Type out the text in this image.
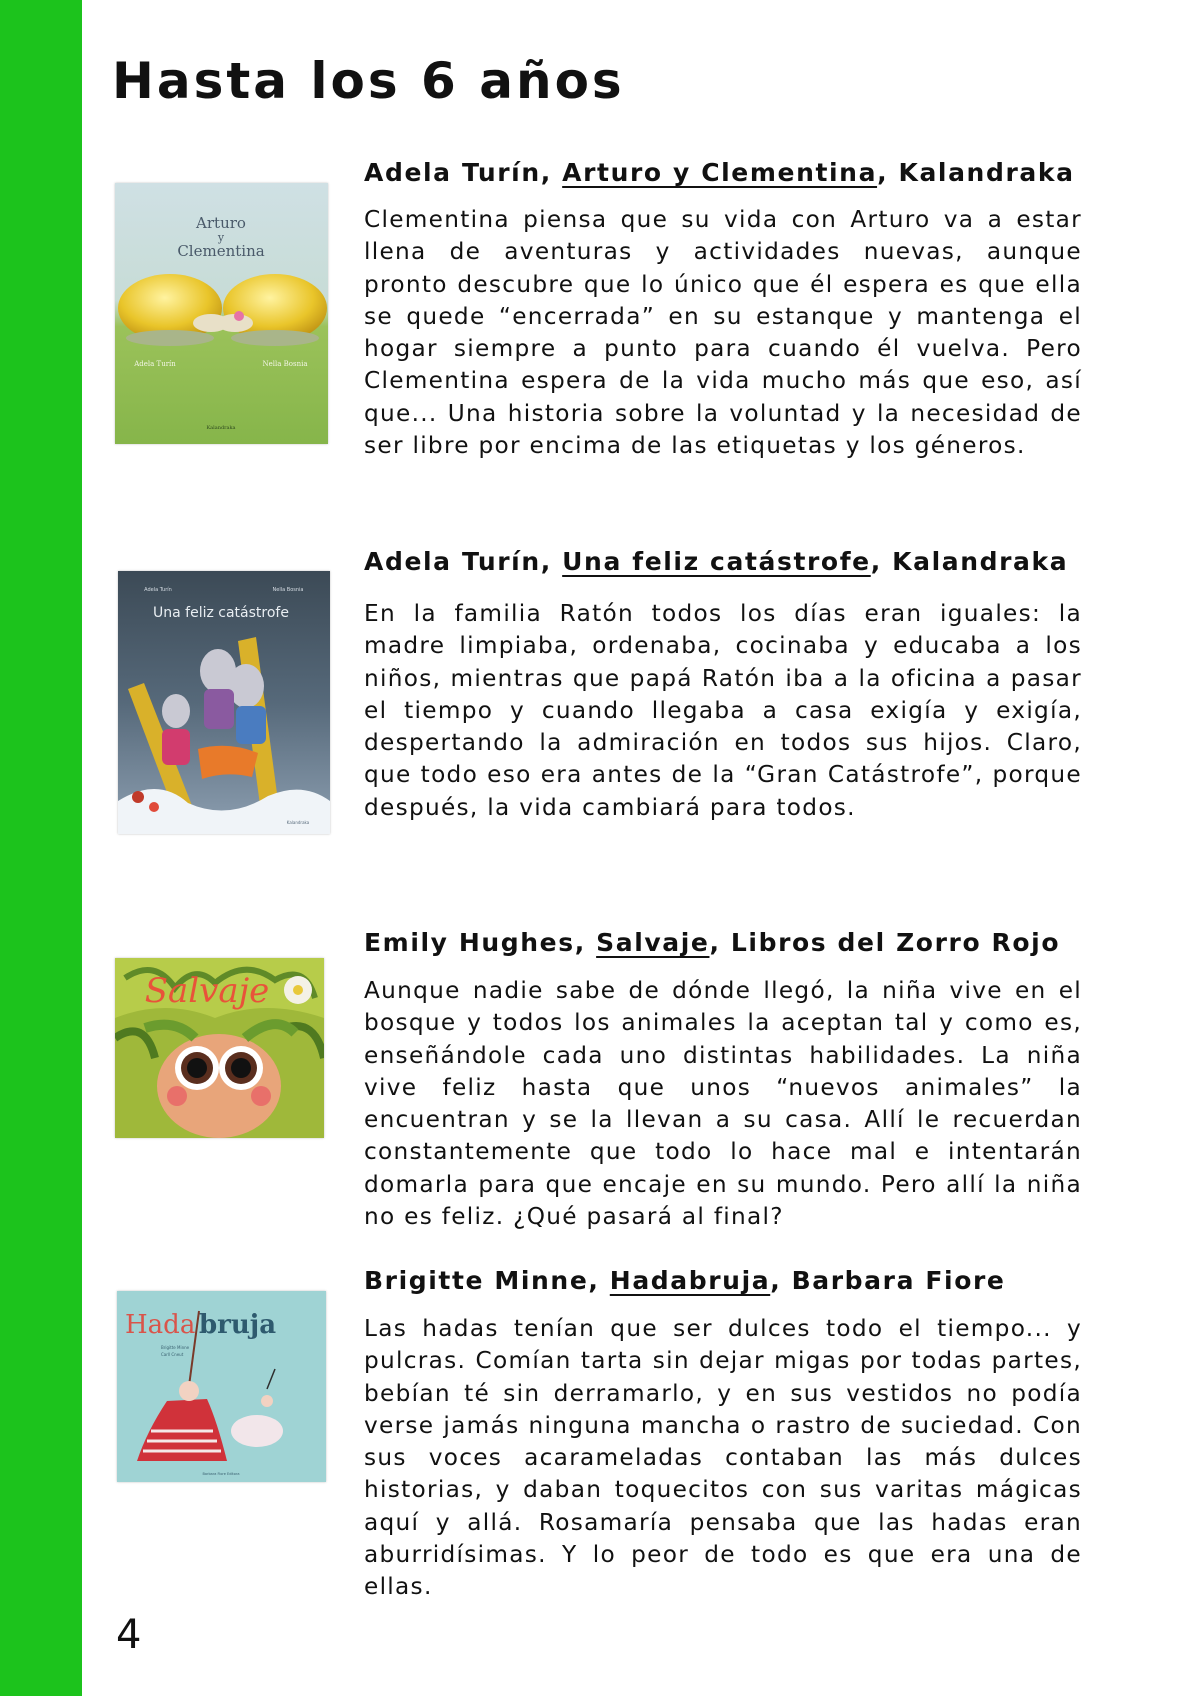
Hasta los 6 años
Arturo
y
Clementina
Adela Turín	Nella Bosnia
Kalandraka
Adela Turín, Arturo y Clementina, Kalandraka

Clementina piensa que su vida con Arturo va a estar llena de aventuras y actividades nuevas, aunque pronto descubre que lo único que él espera es que ella se quede “encerrada” en su estanque y mantenga el hogar siempre a punto para cuando él vuelva. Pero Clementina espera de la vida mucho más que eso, así que... Una historia sobre la voluntad y la necesidad de ser libre por encima de las etiquetas y los géneros.

Adela Turín	Nella Bosnia
Una feliz catástrofe
Kalandraka
Adela Turín, Una feliz catástrofe, Kalandraka

En la familia Ratón todos los días eran iguales: la madre limpiaba, ordenaba, cocinaba y educaba a los niños, mientras que papá Ratón iba a la oficina a pasar el tiempo y cuando llegaba a casa exigía y exigía, despertando la admiración en todos sus hijos. Claro, que todo eso era antes de la “Gran Catástrofe”, porque después, la vida cambiará para todos.

Salvaje
Emily Hughes, Salvaje, Libros del Zorro Rojo

Aunque nadie sabe de dónde llegó, la niña vive en el bosque y todos los animales la aceptan tal y como es, enseñándole cada uno distintas habilidades. La niña vive feliz hasta que unos “nuevos animales” la encuentran y se la llevan a su casa. Allí le recuerdan constantemente que todo lo hace mal e intentarán domarla para que encaje en su mundo. Pero allí la niña no es feliz. ¿Qué pasará al final?

Hada bruja
Brigitte Minne
Carll Cneut
Barbara Fiore Editora
Brigitte Minne, Hadabruja, Barbara Fiore

Las hadas tenían que ser dulces todo el tiempo... y pulcras. Comían tarta sin dejar migas por todas partes, bebían té sin derramarlo, y en sus vestidos no podía verse jamás ninguna mancha o rastro de suciedad. Con sus voces acarameladas contaban las más dulces historias, y daban toquecitos con sus varitas mágicas aquí y allá. Rosamaría pensaba que las hadas eran aburridísimas. Y lo peor de todo es que era una de ellas.

4
